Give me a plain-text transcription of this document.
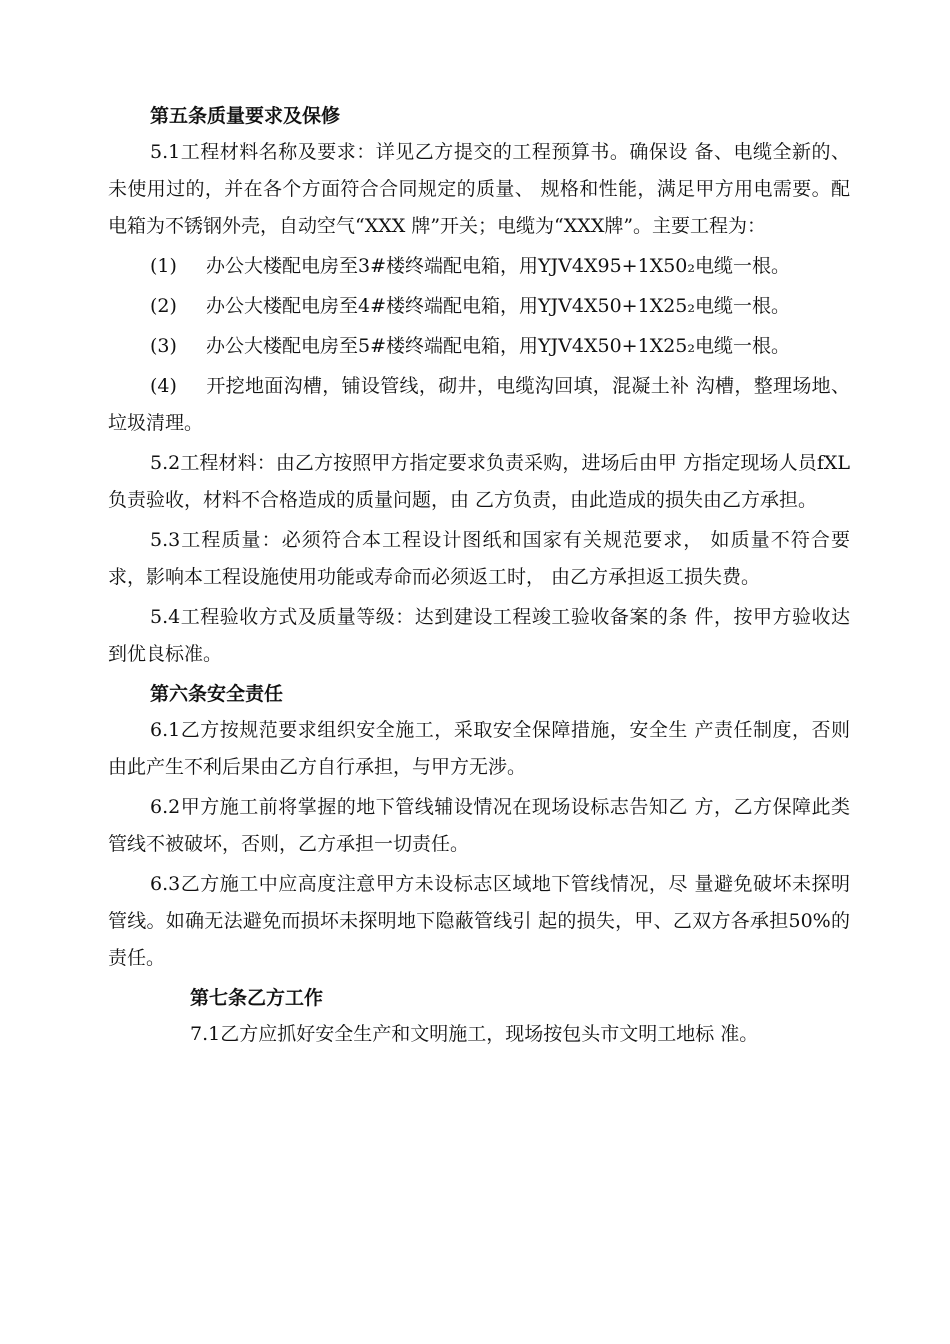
第五条质量要求及保修

5.1工程材料名称及要求：详见乙方提交的工程预算书。确保设 备、电缆全新的、未使用过的，并在各个方面符合合同规定的质量、 规格和性能，满足甲方用电需要。配电箱为不锈钢外壳，自动空气“XXX 牌”开关；电缆为“XXX牌”。主要工程为：

(1) 办公大楼配电房至3#楼终端配电箱，用YJV4X95+1X50₂电缆一根。

(2) 办公大楼配电房至4#楼终端配电箱，用YJV4X50+1X25₂电缆一根。

(3) 办公大楼配电房至5#楼终端配电箱，用YJV4X50+1X25₂电缆一根。

(4) 开挖地面沟槽，铺设管线，砌井，电缆沟回填，混凝土补 沟槽，整理场地、垃圾清理。

5.2工程材料：由乙方按照甲方指定要求负责采购，进场后由甲 方指定现场人员fXL负责验收，材料不合格造成的质量问题，由 乙方负责，由此造成的损失由乙方承担。

5.3工程质量：必须符合本工程设计图纸和国家有关规范要求， 如质量不符合要求，影响本工程设施使用功能或寿命而必须返工时， 由乙方承担返工损失费。

5.4工程验收方式及质量等级：达到建设工程竣工验收备案的条 件，按甲方验收达到优良标准。

第六条安全责任

6.1乙方按规范要求组织安全施工，采取安全保障措施，安全生 产责任制度，否则由此产生不利后果由乙方自行承担，与甲方无涉。

6.2甲方施工前将掌握的地下管线辅设情况在现场设标志告知乙 方，乙方保障此类管线不被破坏，否则，乙方承担一切责任。

6.3乙方施工中应高度注意甲方未设标志区域地下管线情况，尽 量避免破坏未探明管线。如确无法避免而损坏未探明地下隐蔽管线引 起的损失，甲、乙双方各承担50%的责任。

第七条乙方工作

7.1乙方应抓好安全生产和文明施工，现场按包头市文明工地标 准。
